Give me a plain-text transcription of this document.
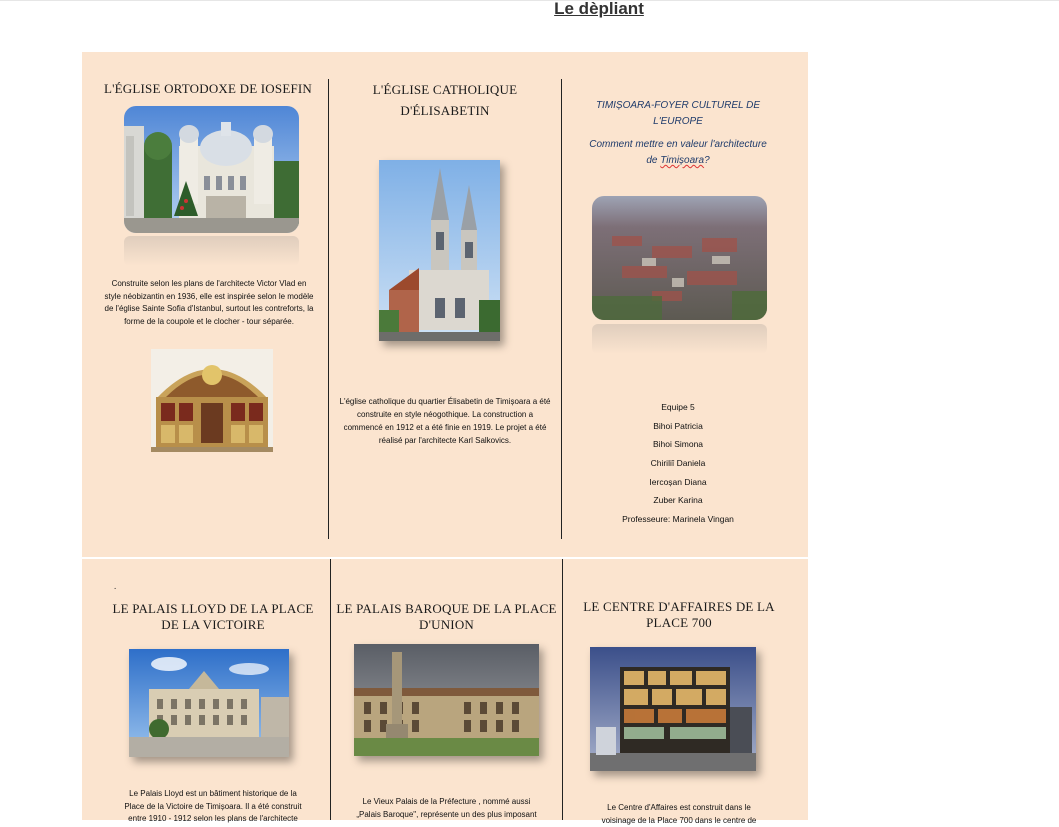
Le dèpliant
L'ÉGLISE ORTODOXE DE IOSEFIN
Construite selon les plans de l'architecte Victor Vlad en style néobizantin en 1936, elle est inspirée selon le modèle de l'église Sainte Sofia d'Istanbul, surtout les contreforts, la forme de la coupole et le clocher - tour séparée.
L'ÉGLISE CATHOLIQUE
D'ÉLISABETIN
L'église catholique du quartier Élisabetin de Timișoara a été construite en style néogothique. La construction a commencé en 1912 et a été finie en 1919. Le projet a été réalisé par l'architecte Karl Salkovics.
TIMIȘOARA-FOYER CULTUREL DE
L'EUROPE
Comment mettre en valeur l'architecture
de Timișoara?
Equipe 5
Bihoi Patricia
Bihoi Simona
Chiriliî Daniela
Iercoșan Diana
Zuber Karina
Professeure: Marinela Vingan
.
LE PALAIS LLOYD DE LA PLACE
DE LA VICTOIRE
Le Palais Lloyd est un bâtiment historique de la
Place de la Victoire de Timișoara. Il a été construit
entre 1910 - 1912 selon les plans de l'architecte
LE PALAIS BAROQUE DE LA PLACE
D'UNION
Le Vieux Palais de la Préfecture , nommé aussi
„Palais Baroque", représente un des plus imposant
LE CENTRE D'AFFAIRES DE LA
PLACE 700
Le Centre d'Affaires est construit dans le
voisinage de la Place 700 dans le centre de
